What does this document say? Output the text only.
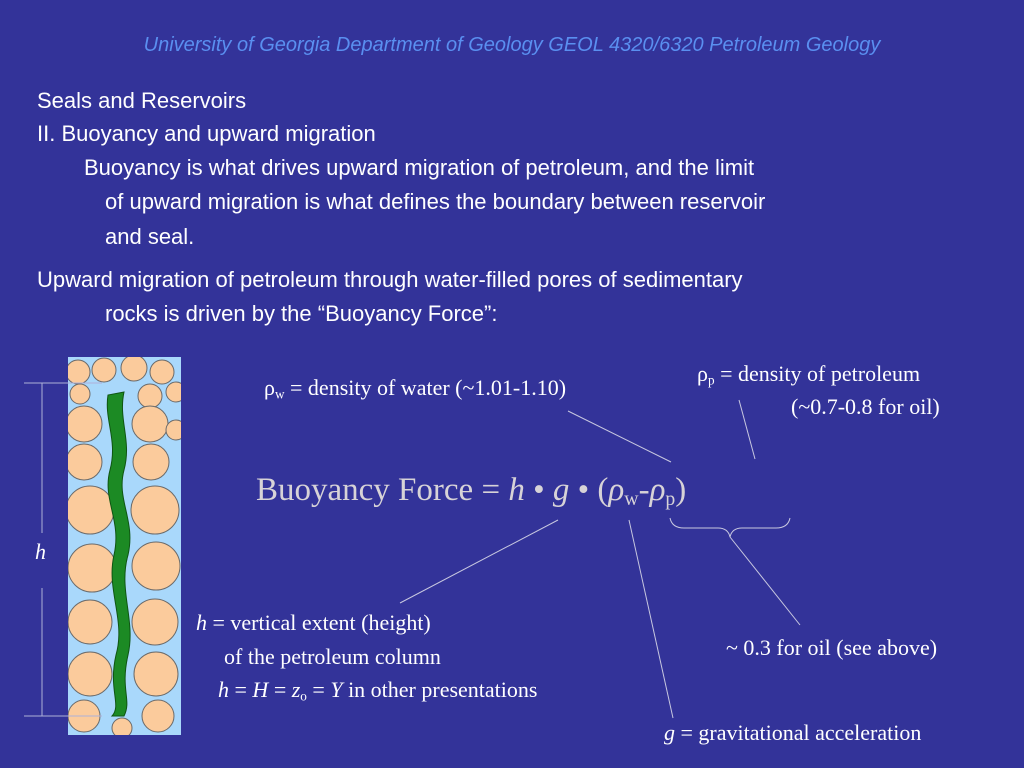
University of Georgia Department of Geology GEOL 4320/6320 Petroleum Geology
Seals and Reservoirs
II. Buoyancy and upward migration
Buoyancy is what drives upward migration of petroleum, and the limit
of upward migration is what defines the boundary between reservoir
and seal.
Upward migration of petroleum through water-filled pores of sedimentary
rocks is driven by the “Buoyancy Force”:
h
Buoyancy Force = h • g • $(\rho_w-\rho_p)$
$\rho_w$ = density of water (~1.01-1.10)
$\rho_p$ = density of petroleum
(~0.7-0.8 for oil)
h = vertical extent (height)
of the petroleum column
$h = H = z_o = Y$ in other presentations
~ 0.3 for oil (see above)
g = gravitational acceleration
